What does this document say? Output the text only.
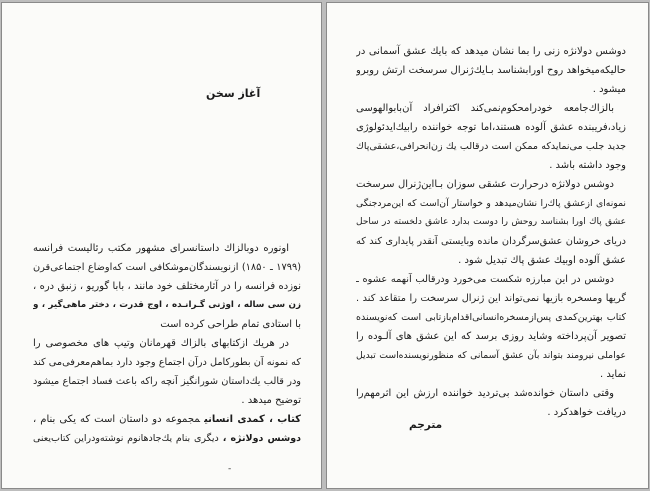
آغاز سخن
اونوره دوبالزاك داستانسرای مشهور مکتب رئالیست فرانسه
(۱۷۹۹ ـ ۱۸۵۰) ازنویسندگان‌موشکافی است که‌اوضاع اجتماعی‌قرن
نوزده فرانسه را در آثارمختلف خود مانند ، بابا گوریو ، زنبق دره ،
زن سی ساله ، اوژنی گـرانـده ، اوج قدرت ، دختر ماهی‌گیر ، و
با استادی تمام طراحی کرده است
در هریك ازکتابهای بالزاك قهرمانان وتیپ های مخصوصی را
که نمونه آن بطورکامل درآن اجتماع وجود دارد بماهم‌معرفی‌می کند
ودر قالب یك‌داستان شورانگیز آنچه راکه باعث فساد اجتماع میشود
توضیح میدهد .
کتاب ، کمدی انسانیمجموعه دو داستان است که یکی بنام ،
دوشس دولانژه ،دیگری بنام یك‌جادهانوم نوشته‌ودراین کتاب‌یعنی
-
دوشس دولانژه زنی را بما نشان میدهد که بایك عشق آسمانی در
حالیکه‌میخواهد روح اورابشناسد بـایك‌ژنرال سرسخت ارتش روبرو
میشود .
بالزاك‌جامعه خودرامحکوم‌نمی‌کند اکثرافراد آن‌بابوالهوسی
زیاد،فریبنده عشق آلوده هستند،اما توجه خواننده رابیك‌ایدئولوژی
جدید جلب می‌نماید‌که ممکن است درقالب یك زن‌انحرافی،عشقی‌پاك
وجود داشته باشد .
دوشس دولانژه درحرارت عشقی سوزان بـااین‌ژنرال سرسخت
نمونه‌ای ازعشق پاك‌را نشان‌میدهد و خواستار آن‌است که این‌مردجنگی
عشق پاك اورا بشناسد روحش را دوست بدارد عاشق دلخسته در ساحل
دریای خروشان عشق‌سرگردان مانده وبایستی آنقدر پایداری کند که
عشق آلوده اوبیك عشق پاك تبدیل شود .
دوشس در این مبارزه شکست می‌خورد ودرقالب آنهمه عشوه ـ
گریها ومسخره بازیها نمی‌تواند این ژنرال سرسخت را متقاعد کند .
کتاب بهترین‌کمدی پس‌ازمسخره‌انسانی‌اقدام‌بازتابی است که‌نویسنده
تصویر آن‌پرداخته وشاید روزی برسد که این عشق های آلـوده را
عواملی نیرومند بتواند بآن عشق آسمانی که منظورنویسنده‌است تبدیل
نماید .
وقتی داستان خوانده‌شد بی‌تردید خواننده ارزش این اثرمهم‌را
دریافت خواهد‌کرد .
مترجم
